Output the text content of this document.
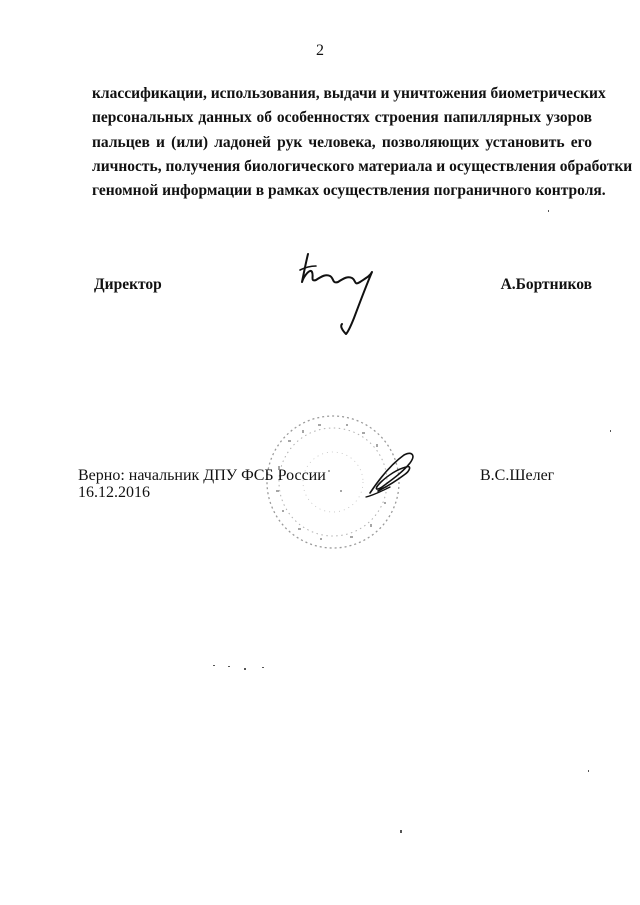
2
классификации, использования, выдачи и уничтожения биометрических
персональных данных об особенностях строения папиллярных узоров
пальцев и (или) ладоней рук человека, позволяющих установить его
личность, получения биологического материала и осуществления обработки
геномной информации в рамках осуществления пограничного контроля.
Директор	А.Бортников
Верно: начальник ДПУ ФСБ России
16.12.2016
В.С.Шелег
